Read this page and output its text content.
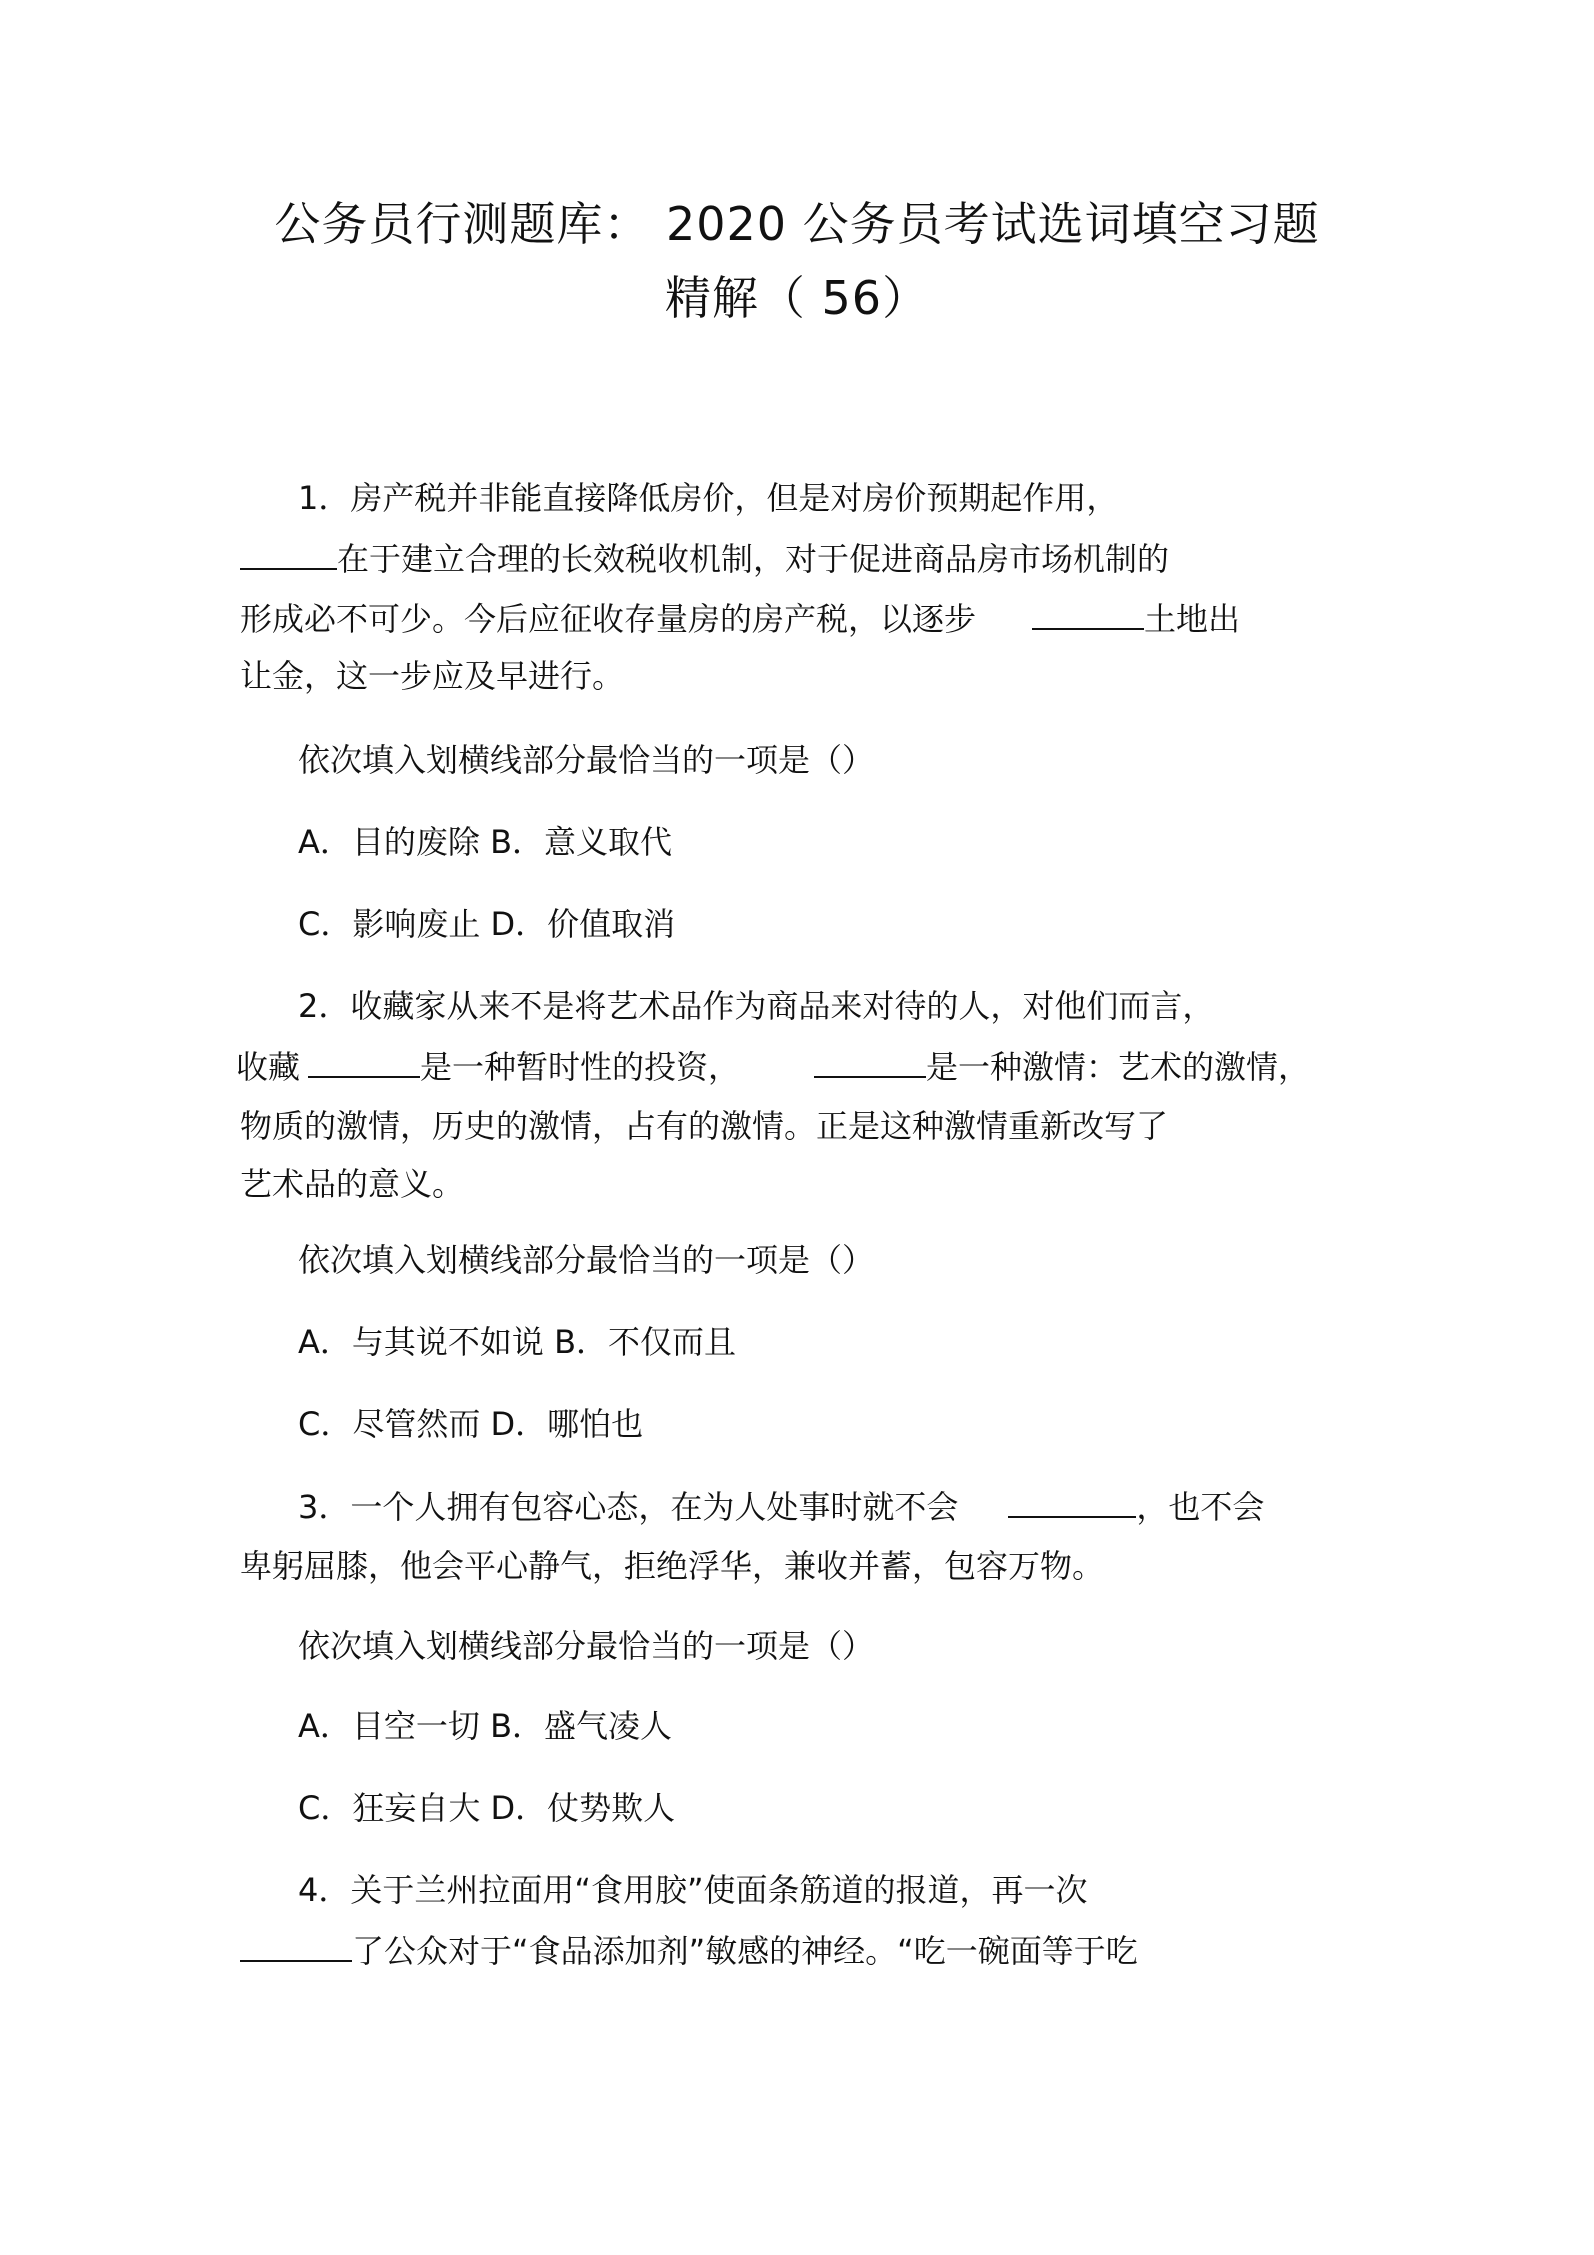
公务员行测题库： 2020 公务员考试选词填空习题
精解（ 56）
1．房产税并非能直接降低房价，但是对房价预期起作用，
在于建立合理的长效税收机制，对于促进商品房市场机制的
形成必不可少。今后应征收存量房的房产税，以逐步	土地出
让金，这一步应及早进行。
依次填入划横线部分最恰当的一项是（）
A．目的废除 B．意义取代
C．影响废止 D．价值取消
2．收藏家从来不是将艺术品作为商品来对待的人，对他们而言，
收藏	是一种暂时性的投资，	是一种激情：艺术的激情，
物质的激情，历史的激情，占有的激情。正是这种激情重新改写了
艺术品的意义。
依次填入划横线部分最恰当的一项是（）
A．与其说不如说 B．不仅而且
C．尽管然而 D．哪怕也
3．一个人拥有包容心态，在为人处事时就不会	，也不会
卑躬屈膝，他会平心静气，拒绝浮华，兼收并蓄，包容万物。
依次填入划横线部分最恰当的一项是（）
A．目空一切 B．盛气凌人
C．狂妄自大 D．仗势欺人
4．关于兰州拉面用“食用胶”使面条筋道的报道，再一次
了公众对于“食品添加剂”敏感的神经。“吃一碗面等于吃
